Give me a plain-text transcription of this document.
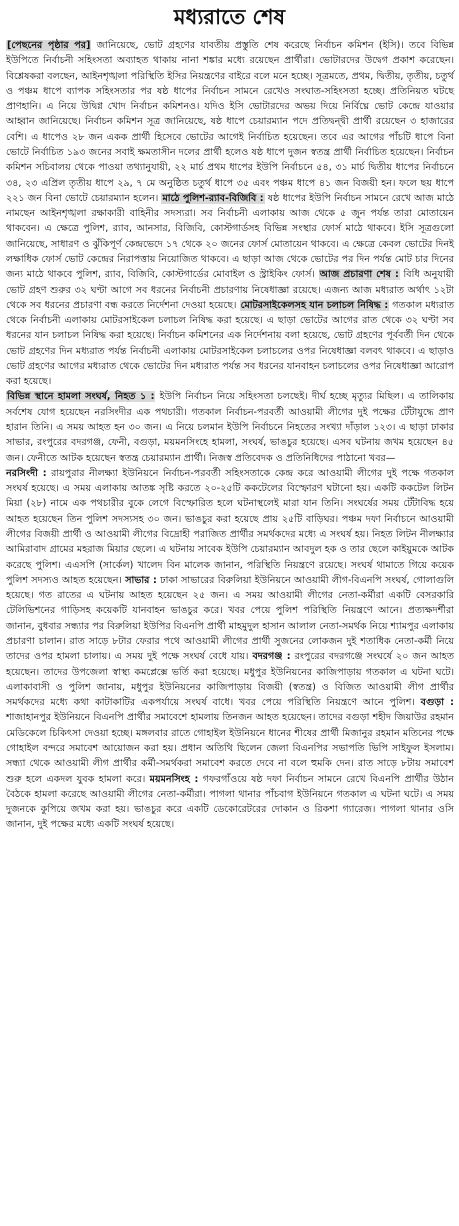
মধ্যরাতে শেষ

[পেছনের পৃষ্ঠার পর] জানিয়েছে, ভোট গ্রহণের যাবতীয় প্রস্তুতি শেষ করেছে নির্বাচন কমিশন (ইসি)। তবে বিভিন্ন ইউপিতে নির্বাচনী সহিংসতা অব্যাহত থাকায় নানা শঙ্কার মধ্যে রয়েছেন প্রার্থীরা। ভোটারদের উদ্বেগ প্রকাশ করেছেন। বিশ্লেষকরা বলছেন, আইনশৃঙ্খলা পরিস্থিতি ইসির নিয়ন্ত্রণের বাইরে বলে মনে হচ্ছে। সূত্রমতে, প্রথম, দ্বিতীয়, তৃতীয়, চতুর্থ ও পঞ্চম ধাপে ব্যাপক সহিংসতার পর ষষ্ঠ ধাপের নির্বাচন সামনে রেখেও সংঘাত-সহিংসতা হচ্ছে। প্রতিনিয়ত ঘটছে প্রাণহানি। এ নিয়ে উদ্বিগ্ন খোদ নির্বাচন কমিশনও। যদিও ইসি ভোটারদের অভয় দিয়ে নির্বিঘ্নে ভোট কেন্দ্রে যাওয়ার আহ্বান জানিয়েছে। নির্বাচন কমিশন সূত্র জানিয়েছে, ষষ্ঠ ধাপে চেয়ারম্যান পদে প্রতিদ্বন্দ্বী প্রার্থী রয়েছেন ৩ হাজারের বেশি। এ ধাপেও ২৮ জন একক প্রার্থী হিসেবে ভোটের আগেই নির্বাচিত হয়েছেন। তবে এর আগের পাঁচটি ধাপে বিনা ভোটে নির্বাচিত ১৯৩ জনের সবাই ক্ষমতাসীন দলের প্রার্থী হলেও ষষ্ঠ ধাপে দুজন স্বতন্ত্র প্রার্থী নির্বাচিত হয়েছেন। নির্বাচন কমিশন সচিবালয় থেকে পাওয়া তথ্যানুযায়ী, ২২ মার্চ প্রথম ধাপের ইউপি নির্বাচনে ৫৪, ৩১ মার্চ দ্বিতীয় ধাপের নির্বাচনে ৩৪, ২৩ এপ্রিল তৃতীয় ধাপে ২৯, ৭ মে অনুষ্ঠিত চতুর্থ ধাপে ৩৫ এবং পঞ্চম ধাপে ৪১ জন বিজয়ী হন। ফলে ছয় ধাপে ২২১ জন বিনা ভোটে চেয়ারম্যান হলেন। মাঠে পুলিশ-র‌্যাব-বিজিবি : ষষ্ঠ ধাপের ইউপি নির্বাচন সামনে রেখে আজ মাঠে নামছেন আইনশৃঙ্খলা রক্ষাকারী বাহিনীর সদস্যরা। সব নির্বাচনী এলাকায় আজ থেকে ৫ জুন পর্যন্ত তারা মোতায়েন থাকবেন। এ ক্ষেত্রে পুলিশ, র‌্যাব, আনসার, বিজিবি, কোস্টগার্ডসহ বিভিন্ন সংস্থার ফোর্স মাঠে থাকবে। ইসি সূত্রগুলো জানিয়েছে, সাধারণ ও ঝুঁকিপূর্ণ কেন্দ্রভেদে ১৭ থেকে ২০ জনের ফোর্স মোতায়েন থাকবে। এ ক্ষেত্রে কেবল ভোটের দিনই লক্ষাধিক ফোর্স ভোট কেন্দ্রের নিরাপত্তায় নিয়োজিত থাকবে। এ ছাড়া আজ থেকে ভোটের পর দিন পর্যন্ত মোট চার দিনের জন্য মাঠে থাকবে পুলিশ, র‌্যাব, বিজিবি, কোস্টগার্ডের মোবাইল ও স্ট্রাইকিং ফোর্স। আজ প্রচারণা শেষ : বিধি অনুযায়ী ভোট গ্রহণ শুরুর ৩২ ঘণ্টা আগে সব ধরনের নির্বাচনী প্রচারণায় নিষেধাজ্ঞা রয়েছে। এজন্য আজ মধ্যরাত অর্থাৎ ১২টা থেকে সব ধরনের প্রচারণা বন্ধ করতে নির্দেশনা দেওয়া হয়েছে। মোটরসাইকেলসহ যান চলাচল নিষিদ্ধ : গতকাল মধ্যরাত থেকে নির্বাচনী এলাকায় মোটরসাইকেল চলাচল নিষিদ্ধ করা হয়েছে। এ ছাড়া ভোটের আগের রাত থেকে ৩২ ঘণ্টা সব ধরনের যান চলাচল নিষিদ্ধ করা হয়েছে। নির্বাচন কমিশনের এক নির্দেশনায় বলা হয়েছে, ভোট গ্রহণের পূর্ববর্তী দিন থেকে ভোট গ্রহণের দিন মধ্যরাত পর্যন্ত নির্বাচনী এলাকায় মোটরসাইকেল চলাচলের ওপর নিষেধাজ্ঞা বলবৎ থাকবে। এ ছাড়াও ভোট গ্রহণের আগের মধ্যরাত থেকে ভোটের দিন মধ্যরাত পর্যন্ত সব ধরনের যানবাহন চলাচলের ওপর নিষেধাজ্ঞা আরোপ করা হয়েছে।

বিভিন্ন স্থানে হামলা সংঘর্ষ, নিহত ১ : ইউপি নির্বাচন নিয়ে সহিংসতা চলছেই। দীর্ঘ হচ্ছে মৃত্যুর মিছিল। এ তালিকায় সর্বশেষ যোগ হয়েছেন নরসিংদীর এক পথচারী। গতকাল নির্বাচন-পরবর্তী আওয়ামী লীগের দুই পক্ষের টেঁটাযুদ্ধে প্রাণ হারান তিনি। এ সময় আহত হন ৩০ জন। এ নিয়ে চলমান ইউপি নির্বাচনে নিহতের সংখ্যা দাঁড়াল ১২৩। এ ছাড়া ঢাকার সাভার, রংপুরের বদরগঞ্জ, ফেনী, বগুড়া, ময়মনসিংহে হামলা, সংঘর্ষ, ভাঙচুর হয়েছে। এসব ঘটনায় জখম হয়েছেন ৪৫ জন। ফেনীতে আটক হয়েছেন স্বতন্ত্র চেয়ারম্যান প্রার্থী। নিজস্ব প্রতিবেদক ও প্রতিনিধিদের পাঠানো খবর—

নরসিংদী : রায়পুরার নীলক্ষ্যা ইউনিয়নে নির্বাচন-পরবর্তী সহিংসতাকে কেন্দ্র করে আওয়ামী লীগের দুই পক্ষে গতকাল সংঘর্ষ হয়েছে। এ সময় এলাকায় আতঙ্ক সৃষ্টি করতে ২০-২৫টি ককটেলের বিস্ফোরণ ঘটানো হয়। একটি ককটেল লিটন মিয়া (২৮) নামে এক পথচারীর বুকে লেগে বিস্ফোরিত হলে ঘটনাস্থলেই মারা যান তিনি। সংঘর্ষের সময় টেঁটাবিদ্ধ হয়ে আহত হয়েছেন তিন পুলিশ সদস্যসহ ৩০ জন। ভাঙচুর করা হয়েছে প্রায় ২৫টি বাড়িঘর। পঞ্চম দফা নির্বাচনে আওয়ামী লীগের বিজয়ী প্রার্থী ও আওয়ামী লীগের বিদ্রোহী পরাজিত প্রার্থীর সমর্থকদের মধ্যে এ সংঘর্ষ হয়। নিহত লিটন নীলক্ষ্যার আমিরাবাদ গ্রামের মহরাজ মিয়ার ছেলে। এ ঘটনায় সাবেক ইউপি চেয়ারম্যান আবদুল হক ও তার ছেলে কাইয়ুমকে আটক করেছে পুলিশ। এএসপি (সার্কেল) খালেদ বিন মালেক জানান, পরিস্থিতি নিয়ন্ত্রণে রয়েছে। সংঘর্ষ থামাতে গিয়ে কয়েক পুলিশ সদস্যও আহত হয়েছেন। সাভার : ঢাকা সাভারের বিরুলিয়া ইউনিয়নে আওয়ামী লীগ-বিএনপি সংঘর্ষ, গোলাগুলি হয়েছে। গত রাতের এ ঘটনায় আহত হয়েছেন ২৫ জন। এ সময় আওয়ামী লীগের নেতা-কর্মীরা একটি বেসরকারি টেলিভিশনের গাড়িসহ কয়েকটি যানবাহন ভাঙচুর করে। খবর পেয়ে পুলিশ পরিস্থিতি নিয়ন্ত্রণে আনে। প্রত্যক্ষদর্শীরা জানান, বুধবার সন্ধ্যার পর বিরুলিয়া ইউপির বিএনপি প্রার্থী মাহমুদুল হাসান আলাল নেতা-সমর্থক নিয়ে শ্যামপুর এলাকায় প্রচারণা চালান। রাত সাড়ে ৮টার ফেরার পথে আওয়ামী লীগের প্রার্থী সুজনের লোকজন দুই শতাধিক নেতা-কর্মী নিয়ে তাদের ওপর হামলা চালায়। এ সময় দুই পক্ষে সংঘর্ষ বেধে যায়। বদরগঞ্জ : রংপুরের বদরগঞ্জে সংঘর্ষে ২০ জন আহত হয়েছেন। তাদের উপজেলা স্বাস্থ্য কমপ্লেক্সে ভর্তি করা হয়েছে। মধুপুর ইউনিয়নের কাজিপাড়ায় গতকাল এ ঘটনা ঘটে। এলাকাবাসী ও পুলিশ জানায়, মধুপুর ইউনিয়নের কাজিপাড়ায় বিজয়ী (স্বতন্ত্র) ও বিজিত আওয়ামী লীগ প্রার্থীর সমর্থকদের মধ্যে কথা কাটাকাটির একপর্যায়ে সংঘর্ষ বাধে। খবর পেয়ে পরিস্থিতি নিয়ন্ত্রণে আনে পুলিশ। বগুড়া : শাজাহানপুর ইউনিয়নে বিএনপি প্রার্থীর সমাবেশে হামলায় তিনজন আহত হয়েছেন। তাদের বগুড়া শহীদ জিয়াউর রহমান মেডিকেলে চিকিৎসা দেওয়া হচ্ছে। মঙ্গলবার রাতে গোহাইল ইউনিয়নে ধানের শীষের প্রার্থী মিজানুর রহমান মতিনের পক্ষে গোহাইল বন্দরে সমাবেশ আয়োজন করা হয়। প্রধান অতিথি ছিলেন জেলা বিএনপির সভাপতি ভিপি সাইফুল ইসলাম। সন্ধ্যা থেকে আওয়ামী লীগ প্রার্থীর কর্মী-সমর্থকরা সমাবেশ করতে দেবে না বলে হুমকি দেন। রাত সাড়ে ৮টায় সমাবেশ শুরু হলে একদল যুবক হামলা করে। ময়মনসিংহ : গফরগাঁওয়ে ষষ্ঠ দফা নির্বাচন সামনে রেখে বিএনপি প্রার্থীর উঠান বৈঠকে হামলা করেছে আওয়ামী লীগের নেতা-কর্মীরা। পাগলা থানার পাঁচবাগ ইউনিয়নে গতকাল এ ঘটনা ঘটে। এ সময় দুজনকে কুপিয়ে জখম করা হয়। ভাঙচুর করে একটি ডেকোরেটরের দোকান ও রিকশা গ্যারেজ। পাগলা থানার ওসি জানান, দুই পক্ষের মধ্যে একটি সংঘর্ষ হয়েছে।
